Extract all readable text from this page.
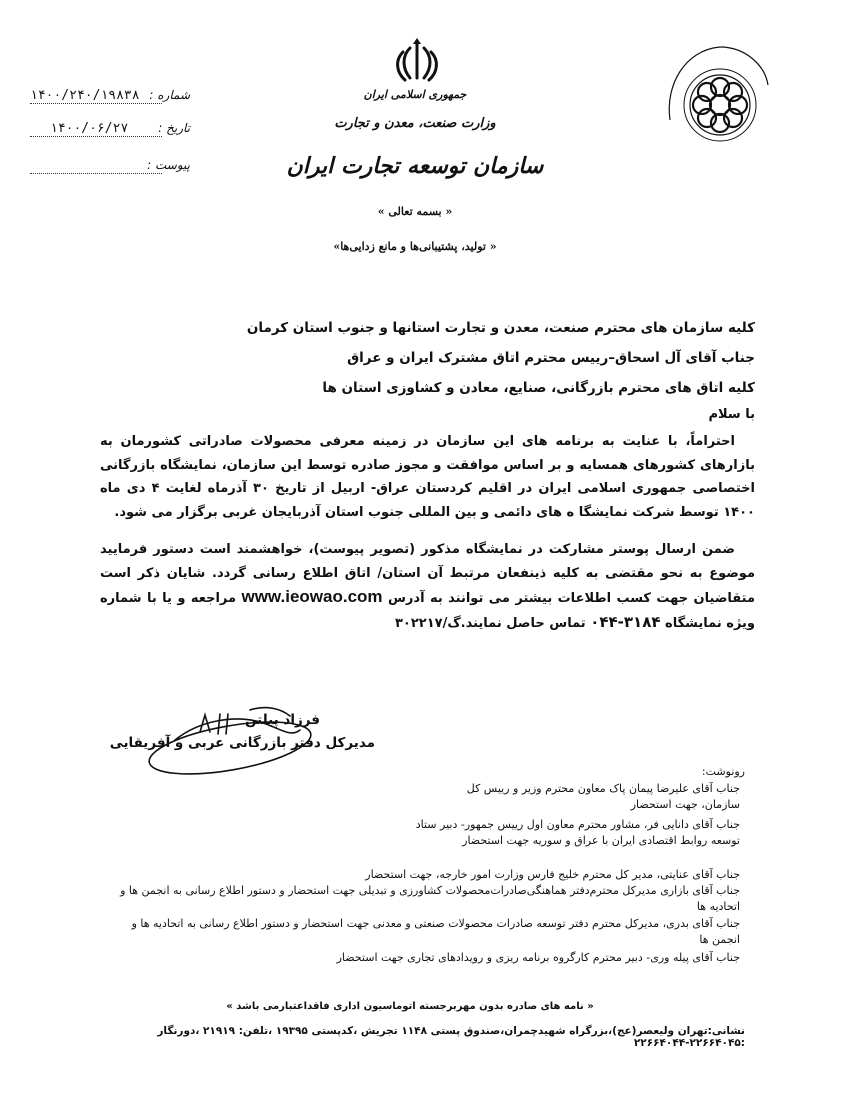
۱۴۰۰/۲۴۰/۱۹۸۳۸ شماره :
۱۴۰۰/۰۶/۲۷ تاریخ :
پیوست :
جمهوری اسلامی ایران
وزارت صنعت، معدن و تجارت
سازمان توسعه تجارت ایران
« بسمه تعالی »
« تولید، پشتیبانی‌ها و مانع زدایی‌ها»
کلیه سازمان های محترم صنعت، معدن و تجارت استانها و جنوب استان کرمان
جناب آقای آل اسحاق–رییس محترم اتاق مشترک ایران و عراق
کلیه اتاق های محترم بازرگانی، صنایع، معادن و کشاوزی استان ها
با سلام
احتراماً، با عنایت به برنامه های این سازمان در زمینه معرفی محصولات صادراتی کشورمان به بازارهای کشورهای همسایه و بر اساس موافقت و مجوز صادره توسط این سازمان، نمایشگاه بازرگانی اختصاصی جمهوری اسلامی ایران در اقلیم کردستان عراق- اربیل از تاریخ ۳۰ آذرماه لغایت ۴ دی ماه ۱۴۰۰ توسط شرکت نمایشگا ه های دائمی و بین المللی جنوب استان آذربایجان غربی برگزار می شود.
ضمن ارسال پوستر مشارکت در نمایشگاه مذکور (تصویر پیوست)، خواهشمند است دستور فرمایید موضوع به نحو مقتضی به کلیه ذینفعان مرتبط آن استان/ اتاق اطلاع رسانی گردد. شایان ذکر است متقاضیان جهت کسب اطلاعات بیشتر می توانند به آدرس www.ieowao.com مراجعه و یا با شماره ویژه نمایشگاه ۰۴۴-۳۱۸۴ تماس حاصل نمایند.گ/۳۰۲۲۱۷
فرزاد پیلتن
مدیرکل دفتر بازرگانی عربی و آفریقایی
رونوشت:
جناب آقای علیرضا پیمان پاک معاون محترم وزیر و رییس کل سازمان، جهت استحضار
جناب آقای دانایی فر، مشاور محترم معاون اول رییس جمهور- دبیر ستاد توسعه روابط اقتصادی ایران با عراق و سوریه جهت استحضار
جناب آقای عنایتی، مدیر کل محترم خلیج فارس وزارت امور خارجه، جهت استحضار
جناب آقای بازاری مدیرکل محترم‌دفتر هماهنگی‌صادرات‌محصولات کشاورزی و تبدیلی جهت استحضار و دستور اطلاع رسانی به انجمن ها و اتحادیه ها
جناب آقای بدری، مدیرکل محترم دفتر توسعه صادرات محصولات صنعتی و معدنی جهت استحضار و دستور اطلاع رسانی به اتحادیه ها و انجمن ها
جناب آقای پیله وری- دبیر محترم کارگروه برنامه ریزی و رویدادهای تجاری جهت استحضار
« نامه های صادره بدون مهربرجسته اتوماسیون اداری فاقداعتبارمی باشد »
نشانی:تهران ولیعصر(عج)،بزرگراه شهیدچمران،صندوق پستی ۱۱۴۸ تجریش ،کدپستی ۱۹۳۹۵ ،تلفن: ۲۱۹۱۹ ،دورنگار :۲۲۶۶۴۰۴۵-۲۲۶۶۴۰۴۴
